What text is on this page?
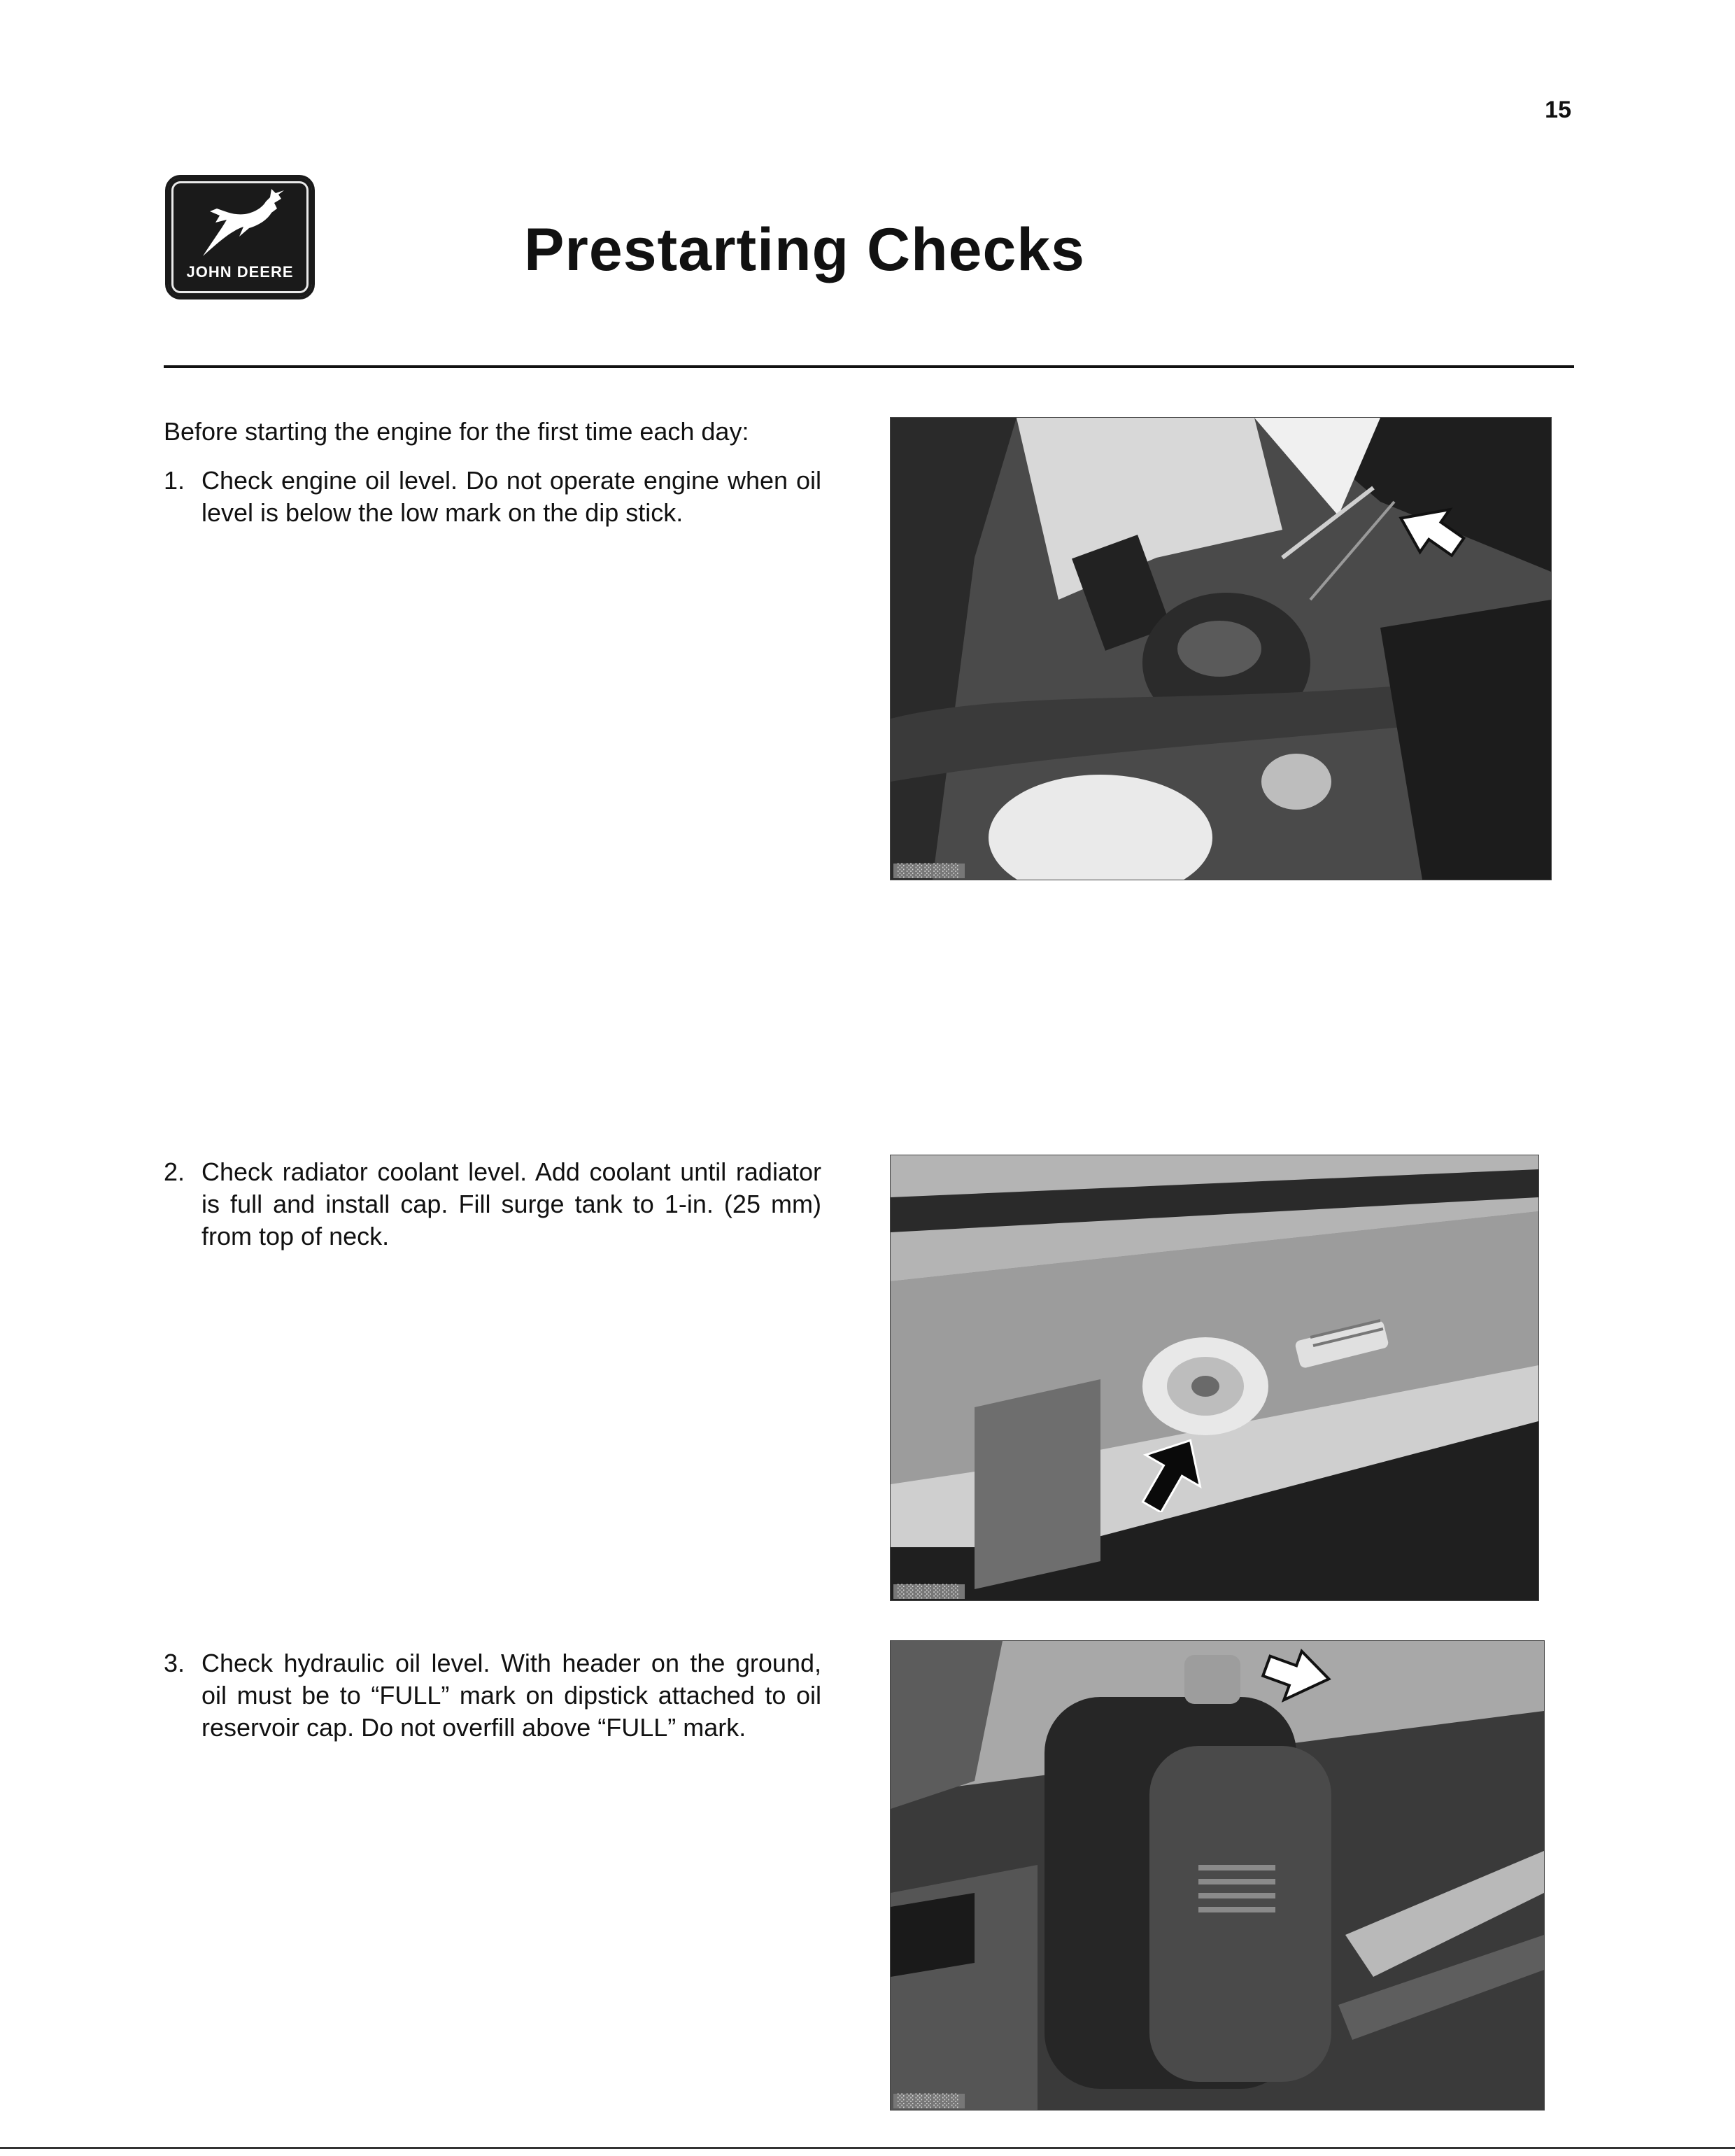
15
JOHN DEERE	Prestarting Checks
Before starting the engine for the first time each day:
1. Check engine oil level. Do not operate engine when oil level is below the low mark on the dip stick.
2. Check radiator coolant level. Add coolant until radiator is full and install cap. Fill surge tank to 1-in. (25 mm) from top of neck.
3. Check hydraulic oil level. With header on the ground, oil must be to “FULL” mark on dipstick attached to oil reservoir cap. Do not overfill above “FULL” mark.
░░░░░░░
░░░░░░░
░░░░░░░
